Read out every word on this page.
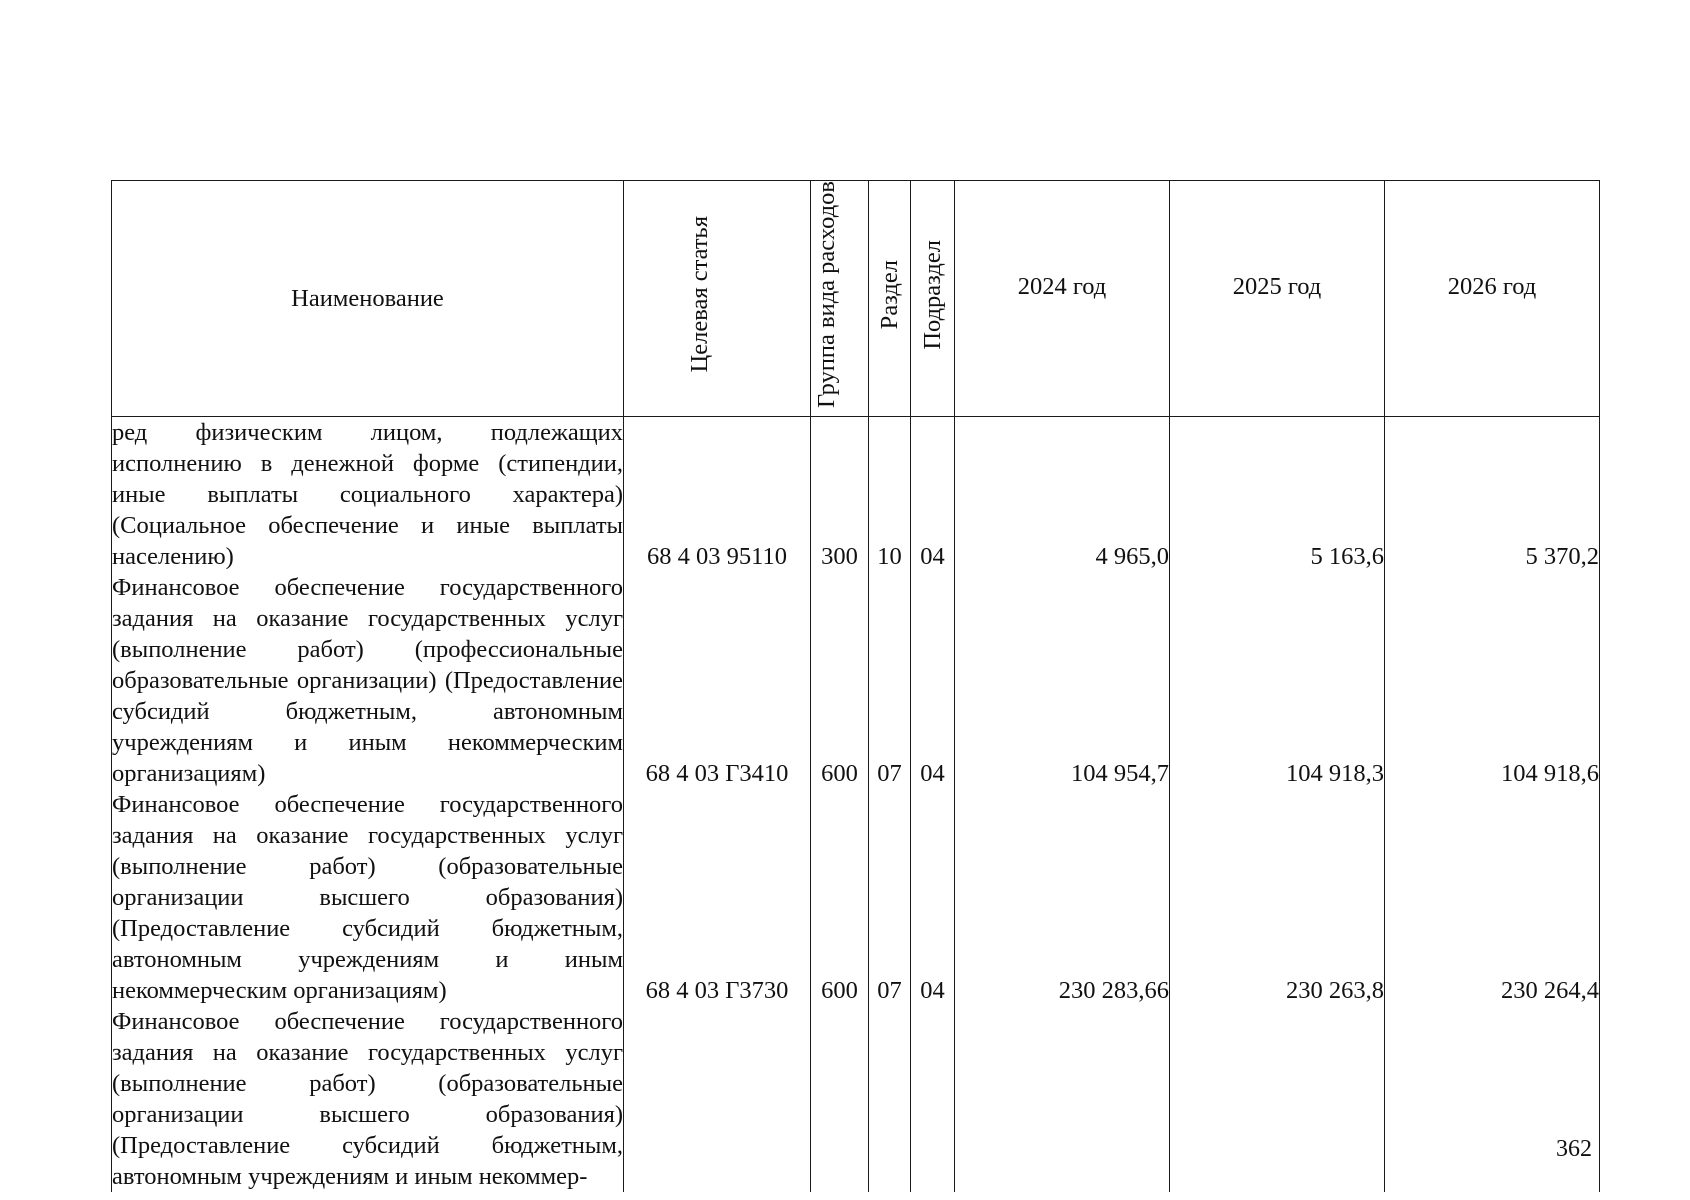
Наименование	Целевая статья	Группа вида расходов	Раздел	Подраздел	2024 год	2025 год	2026 год

ред физическим лицом, подлежащих исполнению в денежной форме (стипендии, иные выплаты социального характера) (Социальное обеспечение и иные выплаты населению)	68 4 03 95110	300	10	04	4 965,0	5 163,6	5 370,2

Финансовое обеспечение государственного задания на оказание государственных услуг (выполнение работ) (профессиональные образовательные организации) (Предоставление субсидий бюджетным, автономным учреждениям и иным некоммерческим организациям)	68 4 03 Г3410	600	07	04	104 954,7	104 918,3	104 918,6

Финансовое обеспечение государственного задания на оказание государственных услуг (выполнение работ) (образовательные организации высшего образования) (Предоставление субсидий бюджетным, автономным учреждениям и иным некоммерческим организациям)	68 4 03 Г3730	600	07	04	230 283,66	230 263,8	230 264,4

Финансовое обеспечение государственного задания на оказание государственных услуг (выполнение работ) (образовательные организации высшего образования) (Предоставление субсидий бюджетным, автономным учреждениям и иным некоммер-							

362
